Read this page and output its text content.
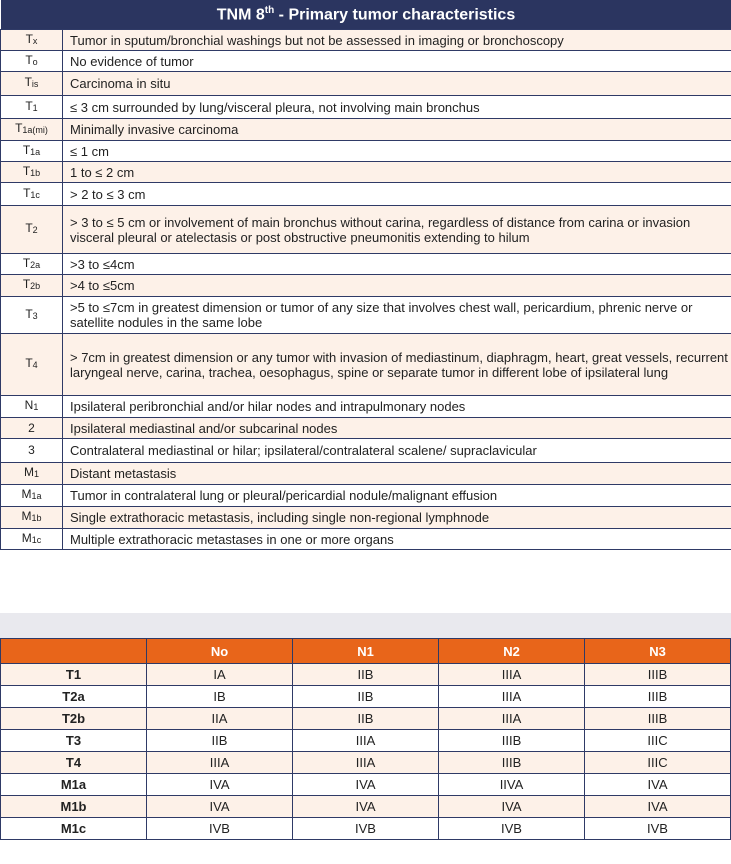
TNM 8th - Primary tumor characteristics	
Tx	Tumor in sputum/bronchial washings but not be assessed in imaging or bronchoscopy
To	No evidence of tumor
Tis	Carcinoma in situ
T1	≤ 3 cm surrounded by lung/visceral pleura, not involving main bronchus
T1a(mi)	Minimally invasive carcinoma
T1a	≤ 1 cm
T1b	1 to ≤ 2 cm
T1c	> 2 to ≤ 3 cm
T2	> 3 to ≤ 5 cm or involvement of main bronchus without carina, regardless of distance from carina or invasion visceral pleural or atelectasis or post obstructive pneumonitis extending to hilum
T2a	>3 to ≤4cm
T2b	>4 to ≤5cm
T3	>5 to ≤7cm in greatest dimension or tumor of any size that involves chest wall, pericardium, phrenic nerve or satellite nodules in the same lobe
T4	> 7cm in greatest dimension or any tumor with invasion of mediastinum, diaphragm, heart, great vessels, recurrent laryngeal nerve, carina, trachea, oesophagus, spine or separate tumor in different lobe of ipsilateral lung
N1	Ipsilateral peribronchial and/or hilar nodes and intrapulmonary nodes
2	Ipsilateral mediastinal and/or subcarinal nodes
3	Contralateral mediastinal or hilar; ipsilateral/contralateral scalene/ supraclavicular
M1	Distant metastasis
M1a	Tumor in contralateral lung or pleural/pericardial nodule/malignant effusion
M1b	Single extrathoracic metastasis, including single non-regional lymphnode
M1c	Multiple extrathoracic metastases in one or more organs
	No	N1	N2	N3
T1	IA	IIB	IIIA	IIIB
T2a	IB	IIB	IIIA	IIIB
T2b	IIA	IIB	IIIA	IIIB
T3	IIB	IIIA	IIIB	IIIC
T4	IIIA	IIIA	IIIB	IIIC
M1a	IVA	IVA	IIVA	IVA
M1b	IVA	IVA	IVA	IVA
M1c	IVB	IVB	IVB	IVB
